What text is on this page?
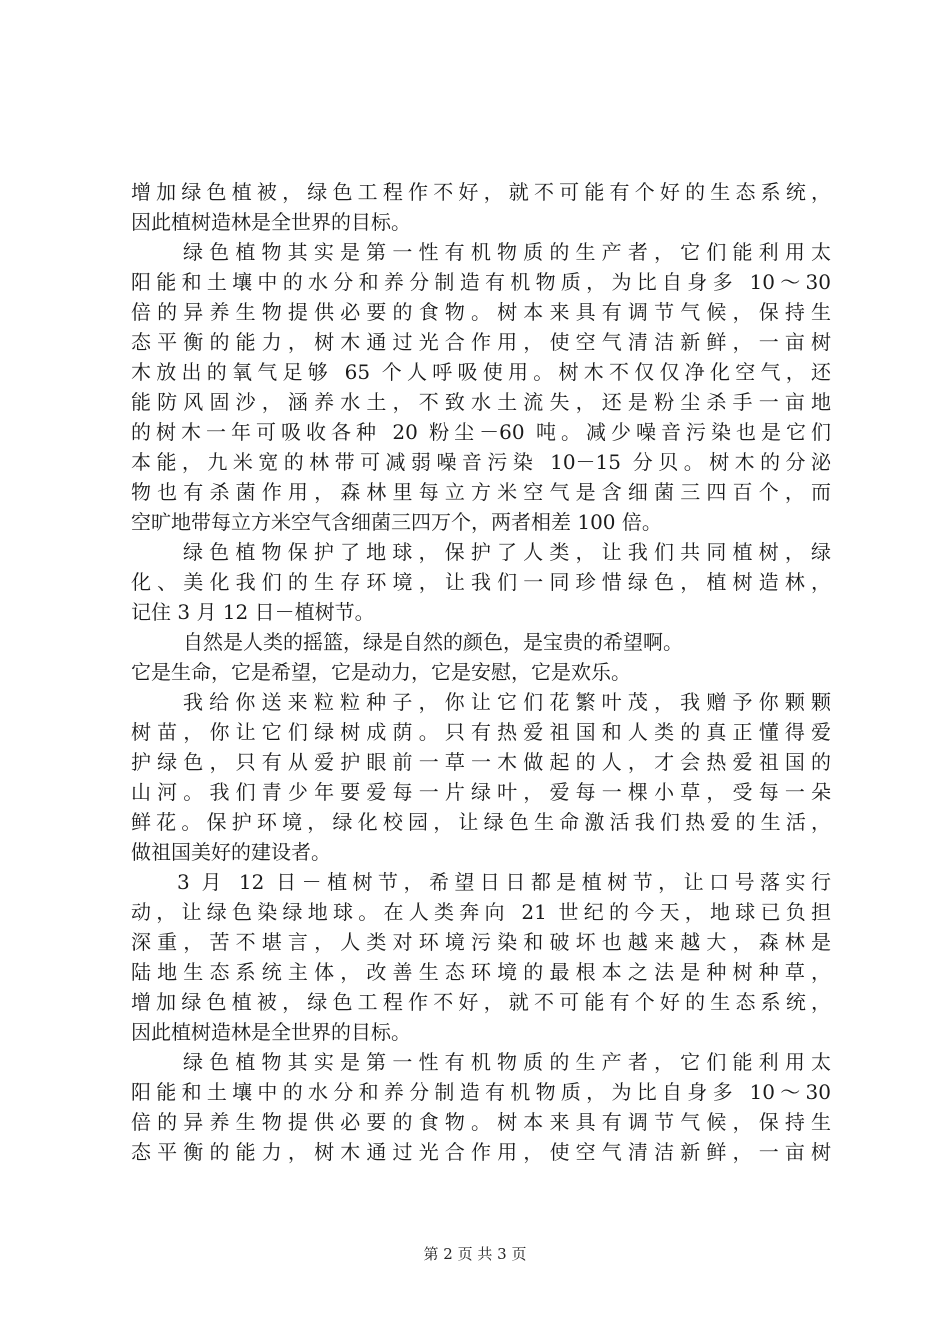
增加绿色植被，绿色工程作不好，就不可能有个好的生态系统，
因此植树造林是全世界的目标。
绿色植物其实是第一性有机物质的生产者，它们能利用太
阳能和土壤中的水分和养分制造有机物质，为比自身多 10～30
倍的异养生物提供必要的食物。树本来具有调节气候，保持生
态平衡的能力，树木通过光合作用，使空气清洁新鲜，一亩树
木放出的氧气足够 65 个人呼吸使用。树木不仅仅净化空气，还
能防风固沙，涵养水土，不致水土流失，还是粉尘杀手一亩地
的树木一年可吸收各种 20 粉尘－60 吨。减少噪音污染也是它们
本能，九米宽的林带可减弱噪音污染 10－15 分贝。树木的分泌
物也有杀菌作用，森林里每立方米空气是含细菌三四百个，而
空旷地带每立方米空气含细菌三四万个，两者相差 100 倍。
绿色植物保护了地球，保护了人类，让我们共同植树，绿
化、美化我们的生存环境，让我们一同珍惜绿色，植树造林，
记住 3 月 12 日－植树节。
自然是人类的摇篮，绿是自然的颜色，是宝贵的希望啊。
它是生命，它是希望，它是动力，它是安慰，它是欢乐。
我给你送来粒粒种子，你让它们花繁叶茂，我赠予你颗颗
树苗，你让它们绿树成荫。只有热爱祖国和人类的真正懂得爱
护绿色，只有从爱护眼前一草一木做起的人，才会热爱祖国的
山河。我们青少年要爱每一片绿叶，爱每一棵小草，受每一朵
鲜花。保护环境，绿化校园，让绿色生命激活我们热爱的生活，
做祖国美好的建设者。
3 月 12 日－植树节，希望日日都是植树节，让口号落实行
动，让绿色染绿地球。在人类奔向 21 世纪的今天，地球已负担
深重，苦不堪言，人类对环境污染和破坏也越来越大，森林是
陆地生态系统主体，改善生态环境的最根本之法是种树种草，
增加绿色植被，绿色工程作不好，就不可能有个好的生态系统，
因此植树造林是全世界的目标。
绿色植物其实是第一性有机物质的生产者，它们能利用太
阳能和土壤中的水分和养分制造有机物质，为比自身多 10～30
倍的异养生物提供必要的食物。树本来具有调节气候，保持生
态平衡的能力，树木通过光合作用，使空气清洁新鲜，一亩树
第 2 页 共 3 页
